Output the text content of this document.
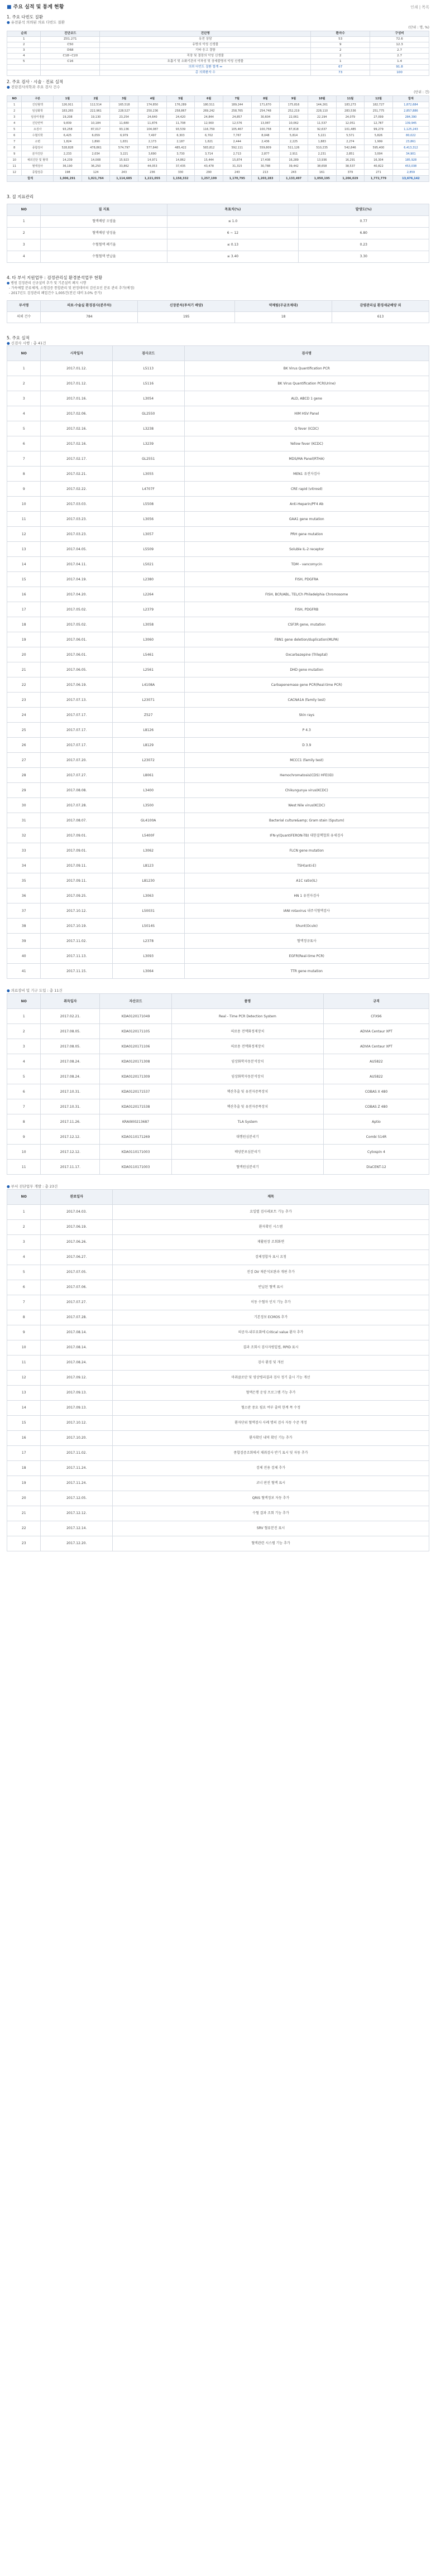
■ 주요 실적 및 통계 현황	인쇄 | 목록
1. 주요 다빈도 질환
● 유전분석 의뢰된 의료 다빈도 질환
(단위 : 명, %)
순위	진단코드	진단명	환자수	구성비
1	Z01.271	유전 상담	53	72.6
2	C50	유방의 악성 신생물	9	12.3
3	D68	기타 응고 결함	2	2.7
4	C18~C20	직장 및 결장의 악성 신생물	2	2.7
5	C16	호흡기 및 소화기관의 이차성 및 상세불명의 악성 신생물	1	1.4
		의뢰 다빈도 질환 합계 ↔	67	91.8
		총 의뢰환자 수	73	100
2. 주요 검사 · 시술 · 진료 실적
● 진단검사의학과 주요 검사 건수
(단위 : 건)
NO	구분	1월	2월	3월	4월	5월	6월	7월	8월	9월	10월	11월	12월	합계
1	진단혈액	126,911	112,514	165,518	174,850	176,289	180,511	189,244	171,670	175,816	144,261	183,273	182,727	1,872,684
2	임상화학	183,265	222,961	228,527	250,236	258,867	269,242	258,765	254,748	252,219	228,110	283,536	251,775	2,857,886
3	임상미생물	19,208	19,130	23,254	24,640	24,420	24,844	24,857	30,604	22,061	22,194	24,079	27,099	284,390
4	진단면역	9,839	10,184	11,680	11,876	11,708	12,560	12,576	13,087	10,062	11,537	12,051	12,787	139,945
5	요검사	93,258	87,017	93,136	104,087	93,539	116,759	105,467	100,758	87,818	92,637	101,485	99,279	1,125,243
6	수혈의학	6,425	6,059	6,979	7,497	6,303	6,702	7,767	8,048	5,814	5,221	5,571	5,826	80,022
7	소변	1,824	1,890	1,831	2,173	2,187	1,821	2,444	2,436	2,225	1,883	2,274	1,999	23,861
8	종합검사	528,828	478,861	574,797	577,840	485,422	583,812	592,111	559,809	511,126	510,235	542,846	595,400	6,413,312
9	분자진단	2,233	2,034	3,221	3,690	3,730	3,714	2,713	2,877	2,911	2,231	2,851	3,004	34,901
10	체외진단 및 혈액	14,239	14,008	15,923	14,971	14,862	15,444	15,874	17,408	16,289	13,936	16,291	16,304	185,928
11	혈액검사	36,190	36,250	33,862	44,053	37,435	43,478	31,315	30,788	39,442	38,658	38,537	40,822	453,038
12	종합검증	198	124	243	236	330	290	243	213	243	161	379	271	2,859
합계		1,006,291	1,021,764	1,114,685	1,221,055	1,158,332	1,257,199	1,170,795	1,203,283	1,133,497	1,050,195	1,206,029	1,772,779	13,676,142
3. 질 지표관리
NO	질 지표	목표치(%)	발생도(%)
1	혈액배양 오염율	≤ 1.0	0.77
2	혈액배양 양성율	6 ~ 12	6.80
3	수혈혈액 폐기율	≤ 0.13	0.23
4	수혈혈액 반납율	≤ 3.40	3.30
4. 타 부서 지원업무 : 검정관리실 환경분석업무 현황

● 병원 검정관리 신규설비 추가 및 기존설비 폐지 시행

- 가속예열 분류체계, 소형검증 통합관리 및 판정데이터 감산요인 분류 관리 추가(예정)

- 2017년도 검정관리 폐업건수 1,005건(전년 대비 3.0% 증가)

부서명	의료·수술실 환경검사(분주차)	신장분석(투석기 배양)	약제팀(무균조제대)	감염관리실 환경세균배양 외
의뢰 건수	784	195	18	613
5. 주요 실적
● 신검사 시행 : 총 41건
NO	시작일자	검사코드	검사명
1	2017.01.12.	L5113	BK Virus Quantification PCR
2	2017.01.12.	L5116	BK Virus Quantification PCR(Urine)
3	2017.01.16.	L3054	ALD, ABCD 1 gene
4	2017.02.06.	GL2550	HIM HSV Panel
5	2017.02.16.	L3238	Q fever (ICDC)
6	2017.02.16.	L3239	Yellow fever (KCDC)
7	2017.02.17.	GL2551	MDS/MA Panel(RTHA)
8	2017.02.21.	L3055	MEN1 유전자검사
9	2017.02.22.	L4707F	CRE rapid (vitrosd)
10	2017.03.03.	L5508	Anti-Heparin/PF4 Ab
11	2017.03.23.	L3056	GAA1 gene mutation
12	2017.03.23.	L3057	PRH gene mutation
13	2017.04.05.	L5509	Soluble IL-2 receptor
14	2017.04.11.	L5021	TDM - vancomycin
15	2017.04.19.	L2380	FISH, PDGFRA
16	2017.04.20.	L2264	FISH, BCR/ABL, TEL/Ch Philadelphia Chromosome
17	2017.05.02.	L2379	FISH, PDGFRB
18	2017.05.02.	L3058	CSF3R gene, mutation
19	2017.06.01.	L3060	FBN1 gene deletion/duplication(MLPA)
20	2017.06.01.	L5461	Oxcarbazepine (Trileptal)
21	2017.06.05.	L2561	DHD gene mutation
22	2017.06.19.	L4108A	Carbapenemase gene PCR(Real-time PCR)
23	2017.07.13.	L23071	CACNA1A (family test)
24	2017.07.17.	Z527	Skin rays
25	2017.07.17.	L8126	P 4.3
26	2017.07.17.	L8129	D 3.9
27	2017.07.20.	L23072	MCCC1 (family test)
28	2017.07.27.	L8061	Hemochromatosis(CDS) HFE(ID)
29	2017.08.08.	L3400	Chikungunya virus(KCDC)
30	2017.07.28.	L3500	West Nile virus(KCDC)
31	2017.08.07.	GL4100A	Bacterial culture&amp; Gram stain (Sputum)
32	2017.09.01.	L5400F	IFN-γ(QuantiFERON-TB) 대한결핵협회 유세검사
33	2017.09.01.	L3062	FLCN gene mutation
34	2017.09.11.	L8123	TSH(anti-E)
35	2017.09.11.	L81230	A1C ratio(IL)
36	2017.09.25.	L3063	HN 1 유전자검사
37	2017.10.12.	L50031	IANI rotavirus 내주식혈액검사
38	2017.10.19.	L5014S	Shunt(Oculo)
39	2017.11.02.	L2378	혈액정규표사
40	2017.11.13.	L3093	EGFR(Real-time PCR)
41	2017.11.15.	L3064	TTR gene mutation
● 의료장비 및 기구 도입 : 총 11건
NO	취득일자	자산코드	품명	규격
1	2017.02.21.	KDA0120171049	Real - Time PCR Detection System	CFX96
2	2017.08.05.	KDA0120171105	의료용 전액화정제장치	ADVIA Centaur XPT
3	2017.08.05.	KDA0120171106	의료용 전액화정제장치	ADVIA Centaur XPT
4	2017.08.24.	KDA0120171308	임상화학자동분석장치	AU5822
5	2017.08.24.	KDA0120171309	임상화학자동분석장치	AU5822
6	2017.10.31.	KDA0120171537	핵산추출 및 유전자증폭장치	COBAS X 480
7	2017.10.31.	KDA0120171538	핵산추출 및 유전자증폭장치	COBAS Z 480
8	2017.11.26.	KRAI900213687	TLA System	Aptio
9	2017.12.12.	KDA0110171269	대행원심분리기	Combi 514R
10	2017.12.12.	KDA0110171003	배양분포심분리기	Cytospin 4
11	2017.11.17.	KDA0110171003	혈액원심분리기	DiaCENT-12
● 부서 진단업무 개발 : 총 23건
NO	완료일자	제목
1	2017.04.03.	요일별 검사레포트 기능 추가
2	2017.06.19.	환자확인 시스템
3	2017.06.26.	재활원장 조회화면
4	2017.06.27.	검체정합자 표시 요청
5	2017.07.05.	진검 DV 재분석보완과 개편 추가
6	2017.07.06.	반납된 혈액 표시
7	2017.07.27.	이동 수혈자 인지 기능 추가
8	2017.07.28.	기본정보 ECMOS 추가
9	2017.08.14.	의공자-내부요화에 Critical value 환자 추가
10	2017.08.14.	결과 조회시 검사자범입법, RPID 표시
11	2017.08.24.	검사 환경 및 개선
12	2017.09.12.	마취클로탄 및 영상병리결과 검사 정기 출시 기능 개선
13	2017.09.13.	혈액은행 운영 프로그램 기능 추가
14	2017.09.13.	혈소판 중요 필요 여부 출력 한계 폭 수정
15	2017.10.12.	환자단위 혈액검사 사례 명의 검사 자동 수준 개정
16	2017.10.20.	환자확인 내역 확인 기능 추가
17	2017.11.02.	종합검증조회에서 채취검사 반기 표시 및 자동 추가
18	2017.11.24.	검체 전용 검체 추가
19	2017.11.24.	코너 판진 혈액 표시
20	2017.12.05.	QRIS 혈액정보 자동 추가
21	2017.12.12.	수혈 결과 조회 기능 추가
22	2017.12.14.	SRV 혈류분진 표시
23	2017.12.20.	혈액관련 시스템 기능 추가
